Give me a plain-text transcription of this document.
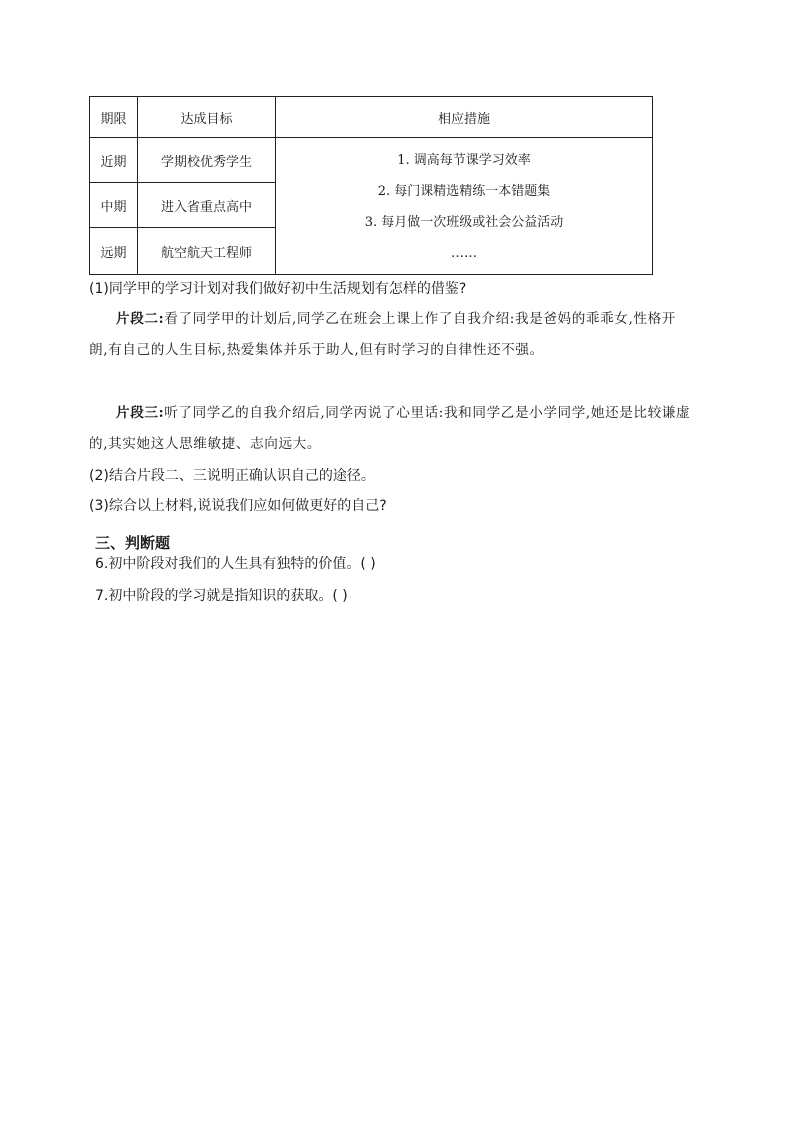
期限	达成目标	相应措施
近期	学期校优秀学生	1. 调高每节课学习效率
2. 每门课精选精练一本错题集
3. 每月做一次班级或社会公益活动
……

中期	进入省重点高中	
远期	航空航天工程师	
(1)同学甲的学习计划对我们做好初中生活规划有怎样的借鉴?
片段二:看了同学甲的计划后,同学乙在班会上课上作了自我介绍:我是爸妈的乖乖女,性格开朗,有自己的人生目标,热爱集体并乐于助人,但有时学习的自律性还不强。
片段三:听了同学乙的自我介绍后,同学丙说了心里话:我和同学乙是小学同学,她还是比较谦虚的,其实她这人思维敏捷、志向远大。
(2)结合片段二、三说明正确认识自己的途径。
(3)综合以上材料,说说我们应如何做更好的自己?
三、判断题
6.初中阶段对我们的人生具有独特的价值。( )
7.初中阶段的学习就是指知识的获取。( )
